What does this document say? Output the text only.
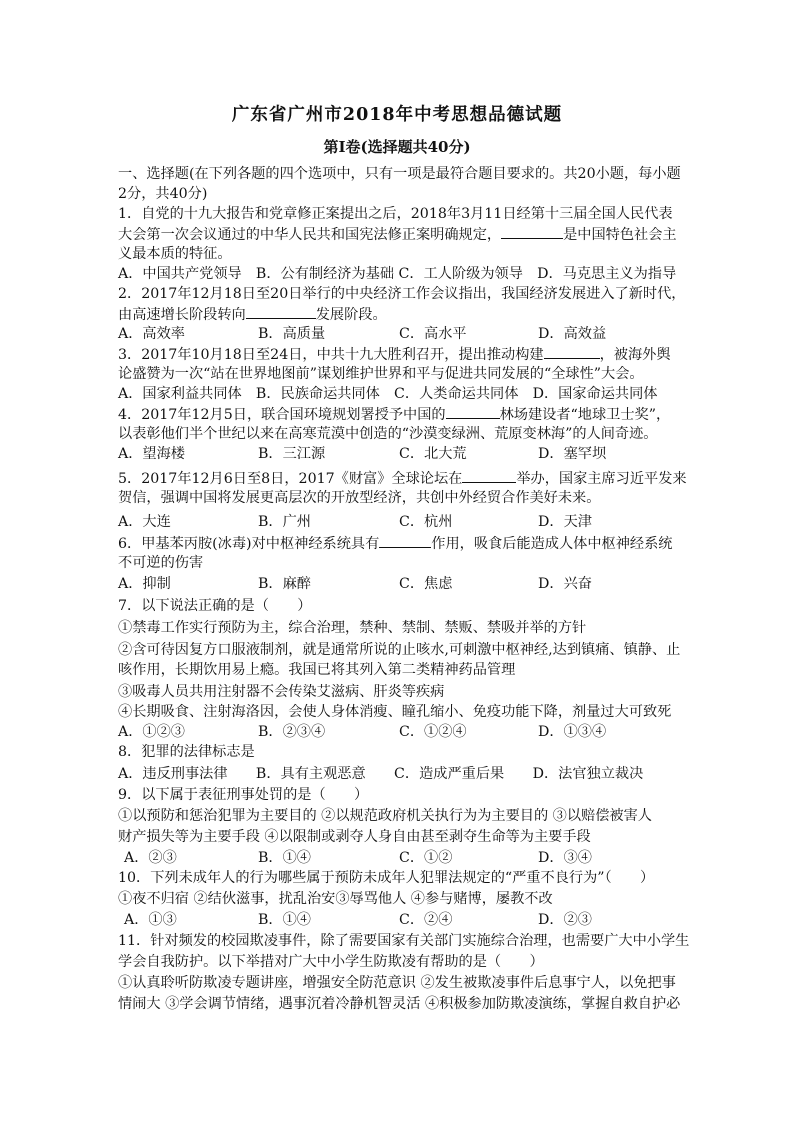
广东省广州市2018年中考思想品德试题
第I卷(选择题共40分)
一、选择题(在下列各题的四个选项中，只有一项是最符合题目要求的。共20小题，每小题
2分，共40分)
1．自党的十九大报告和党章修正案提出之后，2018年3月11日经第十三届全国人民代表
大会第一次会议通过的中华人民共和国宪法修正案明确规定，	是中国特色社会主
义最本质的特征。
A．中国共产党领导　B．公有制经济为基础 C．工人阶级为领导　D．马克思主义为指导
2．2017年12月18日至20日举行的中央经济工作会议指出，我国经济发展进入了新时代，
由高速增长阶段转向	发展阶段。
A．高效率	B．高质量	C．高水平	D．高效益
3．2017年10月18日至24日，中共十九大胜利召开，提出推动构建	，被海外舆
论盛赞为一次“站在世界地图前”谋划维护世界和平与促进共同发展的“全球性”大会。
A．国家利益共同体　B．民族命运共同体　C．人类命运共同体　D．国家命运共同体
4．2017年12月5日，联合国环境规划署授予中国的	林场建设者“地球卫士奖”，
以表彰他们半个世纪以来在高寒荒漠中创造的“沙漠变绿洲、荒原变林海”的人间奇迹。
A．望海楼	B．三江源	C．北大荒	D．塞罕坝
5．2017年12月6日至8日，2017《财富》全球论坛在	举办，国家主席习近平发来
贺信，强调中国将发展更高层次的开放型经济，共创中外经贸合作美好未来。
A．大连	B．广州	C．杭州	D．天津
6．甲基苯丙胺(冰毒)对中枢神经系统具有	作用，吸食后能造成人体中枢神经系统
不可逆的伤害
A．抑制	B．麻醉	C．焦虑	D．兴奋
7．以下说法正确的是（　　）
①禁毒工作实行预防为主，综合治理，禁种、禁制、禁贩、禁吸并举的方针
②含可待因复方口服液制剂，就是通常所说的止咳水,可刺激中枢神经,达到镇痛、镇静、止
咳作用，长期饮用易上瘾。我国已将其列入第二类精神药品管理
③吸毒人员共用注射器不会传染艾滋病、肝炎等疾病
④长期吸食、注射海洛因，会使人身体消瘦、瞳孔缩小、免疫功能下降，剂量过大可致死
A．①②③	B．②③④	C．①②④	D．①③④
8．犯罪的法律标志是
A．违反刑事法律　　B．具有主观恶意　　C．造成严重后果　　D．法官独立裁决
9．以下属于表征刑事处罚的是（　　）
①以预防和惩治犯罪为主要目的 ②以规范政府机关执行为为主要目的 ③以赔偿被害人
财产损失等为主要手段 ④以限制或剥夺人身自由甚至剥夺生命等为主要手段
A．②③	B．①④	C．①②	D．③④
10．下列未成年人的行为哪些属于预防未成年人犯罪法规定的“严重不良行为”（　　）
①夜不归宿 ②结伙滋事，扰乱治安③辱骂他人 ④参与赌博，屡教不改
A．①③	B．①④	C．②④	D．②③
11．针对频发的校园欺凌事件，除了需要国家有关部门实施综合治理，也需要广大中小学生
学会自我防护。以下举措对广大中小学生防欺凌有帮助的是（　　）
①认真聆听防欺凌专题讲座，增强安全防范意识 ②发生被欺凌事件后息事宁人，以免把事
情闹大 ③学会调节情绪，遇事沉着冷静机智灵活 ④积极参加防欺凌演练，掌握自救自护必
